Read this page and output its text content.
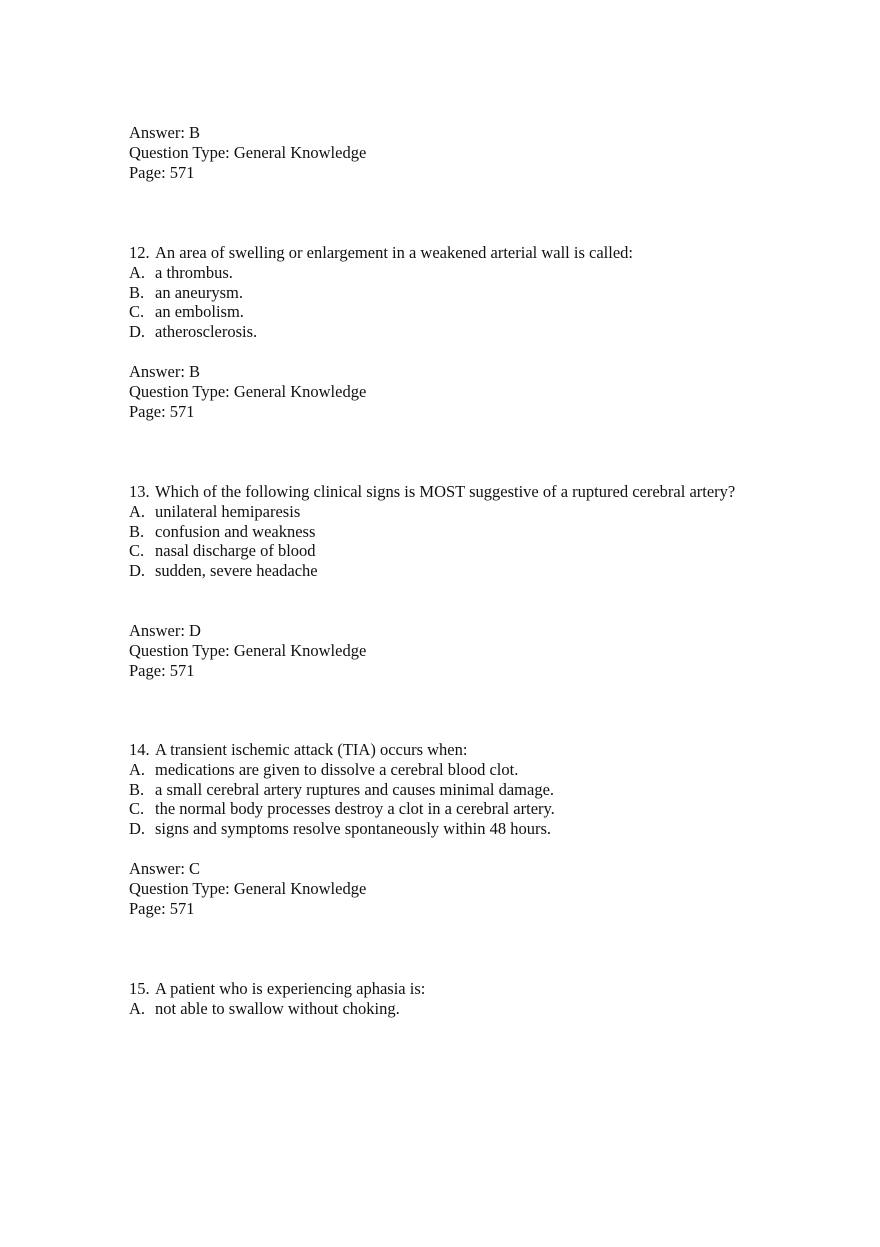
Answer: B
Question Type: General Knowledge
Page: 571
12. An area of swelling or enlargement in a weakened arterial wall is called:
A. a thrombus.
B. an aneurysm.
C. an embolism.
D. atherosclerosis.
Answer: B
Question Type: General Knowledge
Page: 571
13. Which of the following clinical signs is MOST suggestive of a ruptured cerebral artery?
A. unilateral hemiparesis
B. confusion and weakness
C. nasal discharge of blood
D. sudden, severe headache
Answer: D
Question Type: General Knowledge
Page: 571
14. A transient ischemic attack (TIA) occurs when:
A. medications are given to dissolve a cerebral blood clot.
B. a small cerebral artery ruptures and causes minimal damage.
C. the normal body processes destroy a clot in a cerebral artery.
D. signs and symptoms resolve spontaneously within 48 hours.
Answer: C
Question Type: General Knowledge
Page: 571
15. A patient who is experiencing aphasia is:
A. not able to swallow without choking.
